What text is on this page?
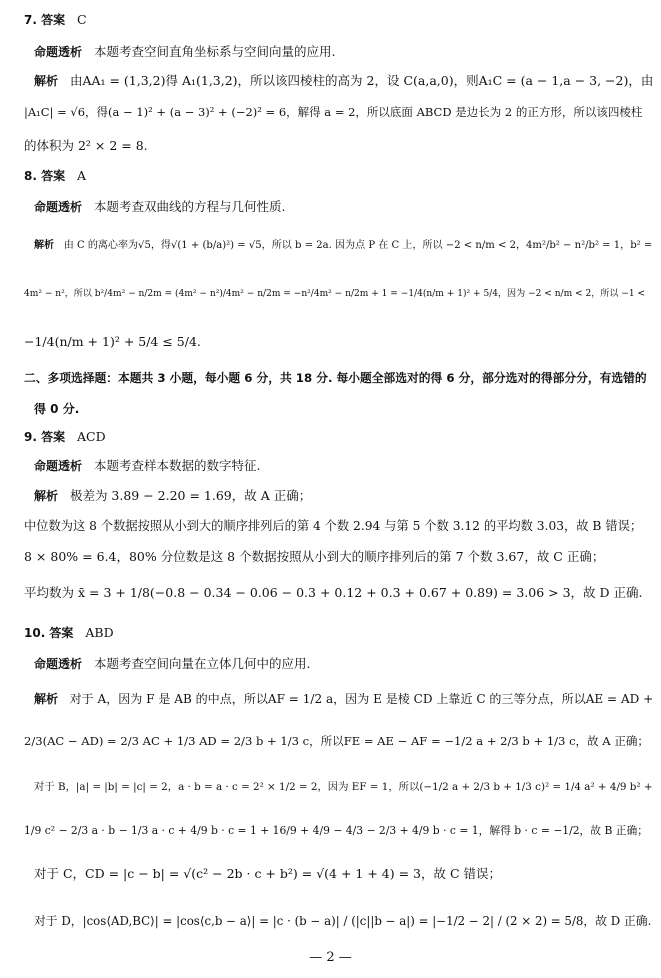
7. 答案 C
命题透析 本题考查空间直角坐标系与空间向量的应用.
解析 由AA₁ = (1,3,2)得 A₁(1,3,2)，所以该四棱柱的高为 2，设 C(a,a,0)，则A₁C = (a − 1,a − 3, −2)，由
|A₁C| = √6，得(a − 1)² + (a − 3)² + (−2)² = 6，解得 a = 2，所以底面 ABCD 是边长为 2 的正方形，所以该四棱柱
的体积为 2² × 2 = 8.
8. 答案 A
命题透析 本题考查双曲线的方程与几何性质.
解析 由 C 的离心率为√5，得√(1 + (b/a)²) = √5，所以 b = 2a. 因为点 P 在 C 上，所以 −2 < n/m < 2，4m²/b² − n²/b² = 1，b² =
4m² − n²，所以 b²/4m² − n/2m = (4m² − n²)/4m² − n/2m = −n²/4m² − n/2m + 1 = −1/4(n/m + 1)² + 5/4，因为 −2 < n/m < 2，所以 −1 <
−1/4(n/m + 1)² + 5/4 ≤ 5/4.
二、多项选择题：本题共 3 小题，每小题 6 分，共 18 分. 每小题全部选对的得 6 分，部分选对的得部分分，有选错的
得 0 分.
9. 答案 ACD
命题透析 本题考查样本数据的数字特征.
解析 极差为 3.89 − 2.20 = 1.69，故 A 正确；
中位数为这 8 个数据按照从小到大的顺序排列后的第 4 个数 2.94 与第 5 个数 3.12 的平均数 3.03，故 B 错误；
8 × 80% = 6.4，80% 分位数是这 8 个数据按照从小到大的顺序排列后的第 7 个数 3.67，故 C 正确；
平均数为 x̄ = 3 + 1/8(−0.8 − 0.34 − 0.06 − 0.3 + 0.12 + 0.3 + 0.67 + 0.89) = 3.06 > 3，故 D 正确.
10. 答案 ABD
命题透析 本题考查空间向量在立体几何中的应用.
解析 对于 A，因为 F 是 AB 的中点，所以AF = 1/2 a，因为 E 是棱 CD 上靠近 C 的三等分点，所以AE = AD +
2/3(AC − AD) = 2/3 AC + 1/3 AD = 2/3 b + 1/3 c，所以FE = AE − AF = −1/2 a + 2/3 b + 1/3 c，故 A 正确；
对于 B，|a| = |b| = |c| = 2，a · b = a · c = 2² × 1/2 = 2，因为 EF = 1，所以(−1/2 a + 2/3 b + 1/3 c)² = 1/4 a² + 4/9 b² +
1/9 c² − 2/3 a · b − 1/3 a · c + 4/9 b · c = 1 + 16/9 + 4/9 − 4/3 − 2/3 + 4/9 b · c = 1，解得 b · c = −1/2，故 B 正确；
对于 C，CD = |c − b| = √(c² − 2b · c + b²) = √(4 + 1 + 4) = 3，故 C 错误；
对于 D，|cos⟨AD,BC⟩| = |cos⟨c,b − a⟩| = |c · (b − a)| / (|c||b − a|) = |−1/2 − 2| / (2 × 2) = 5/8，故 D 正确.
— 2 —
